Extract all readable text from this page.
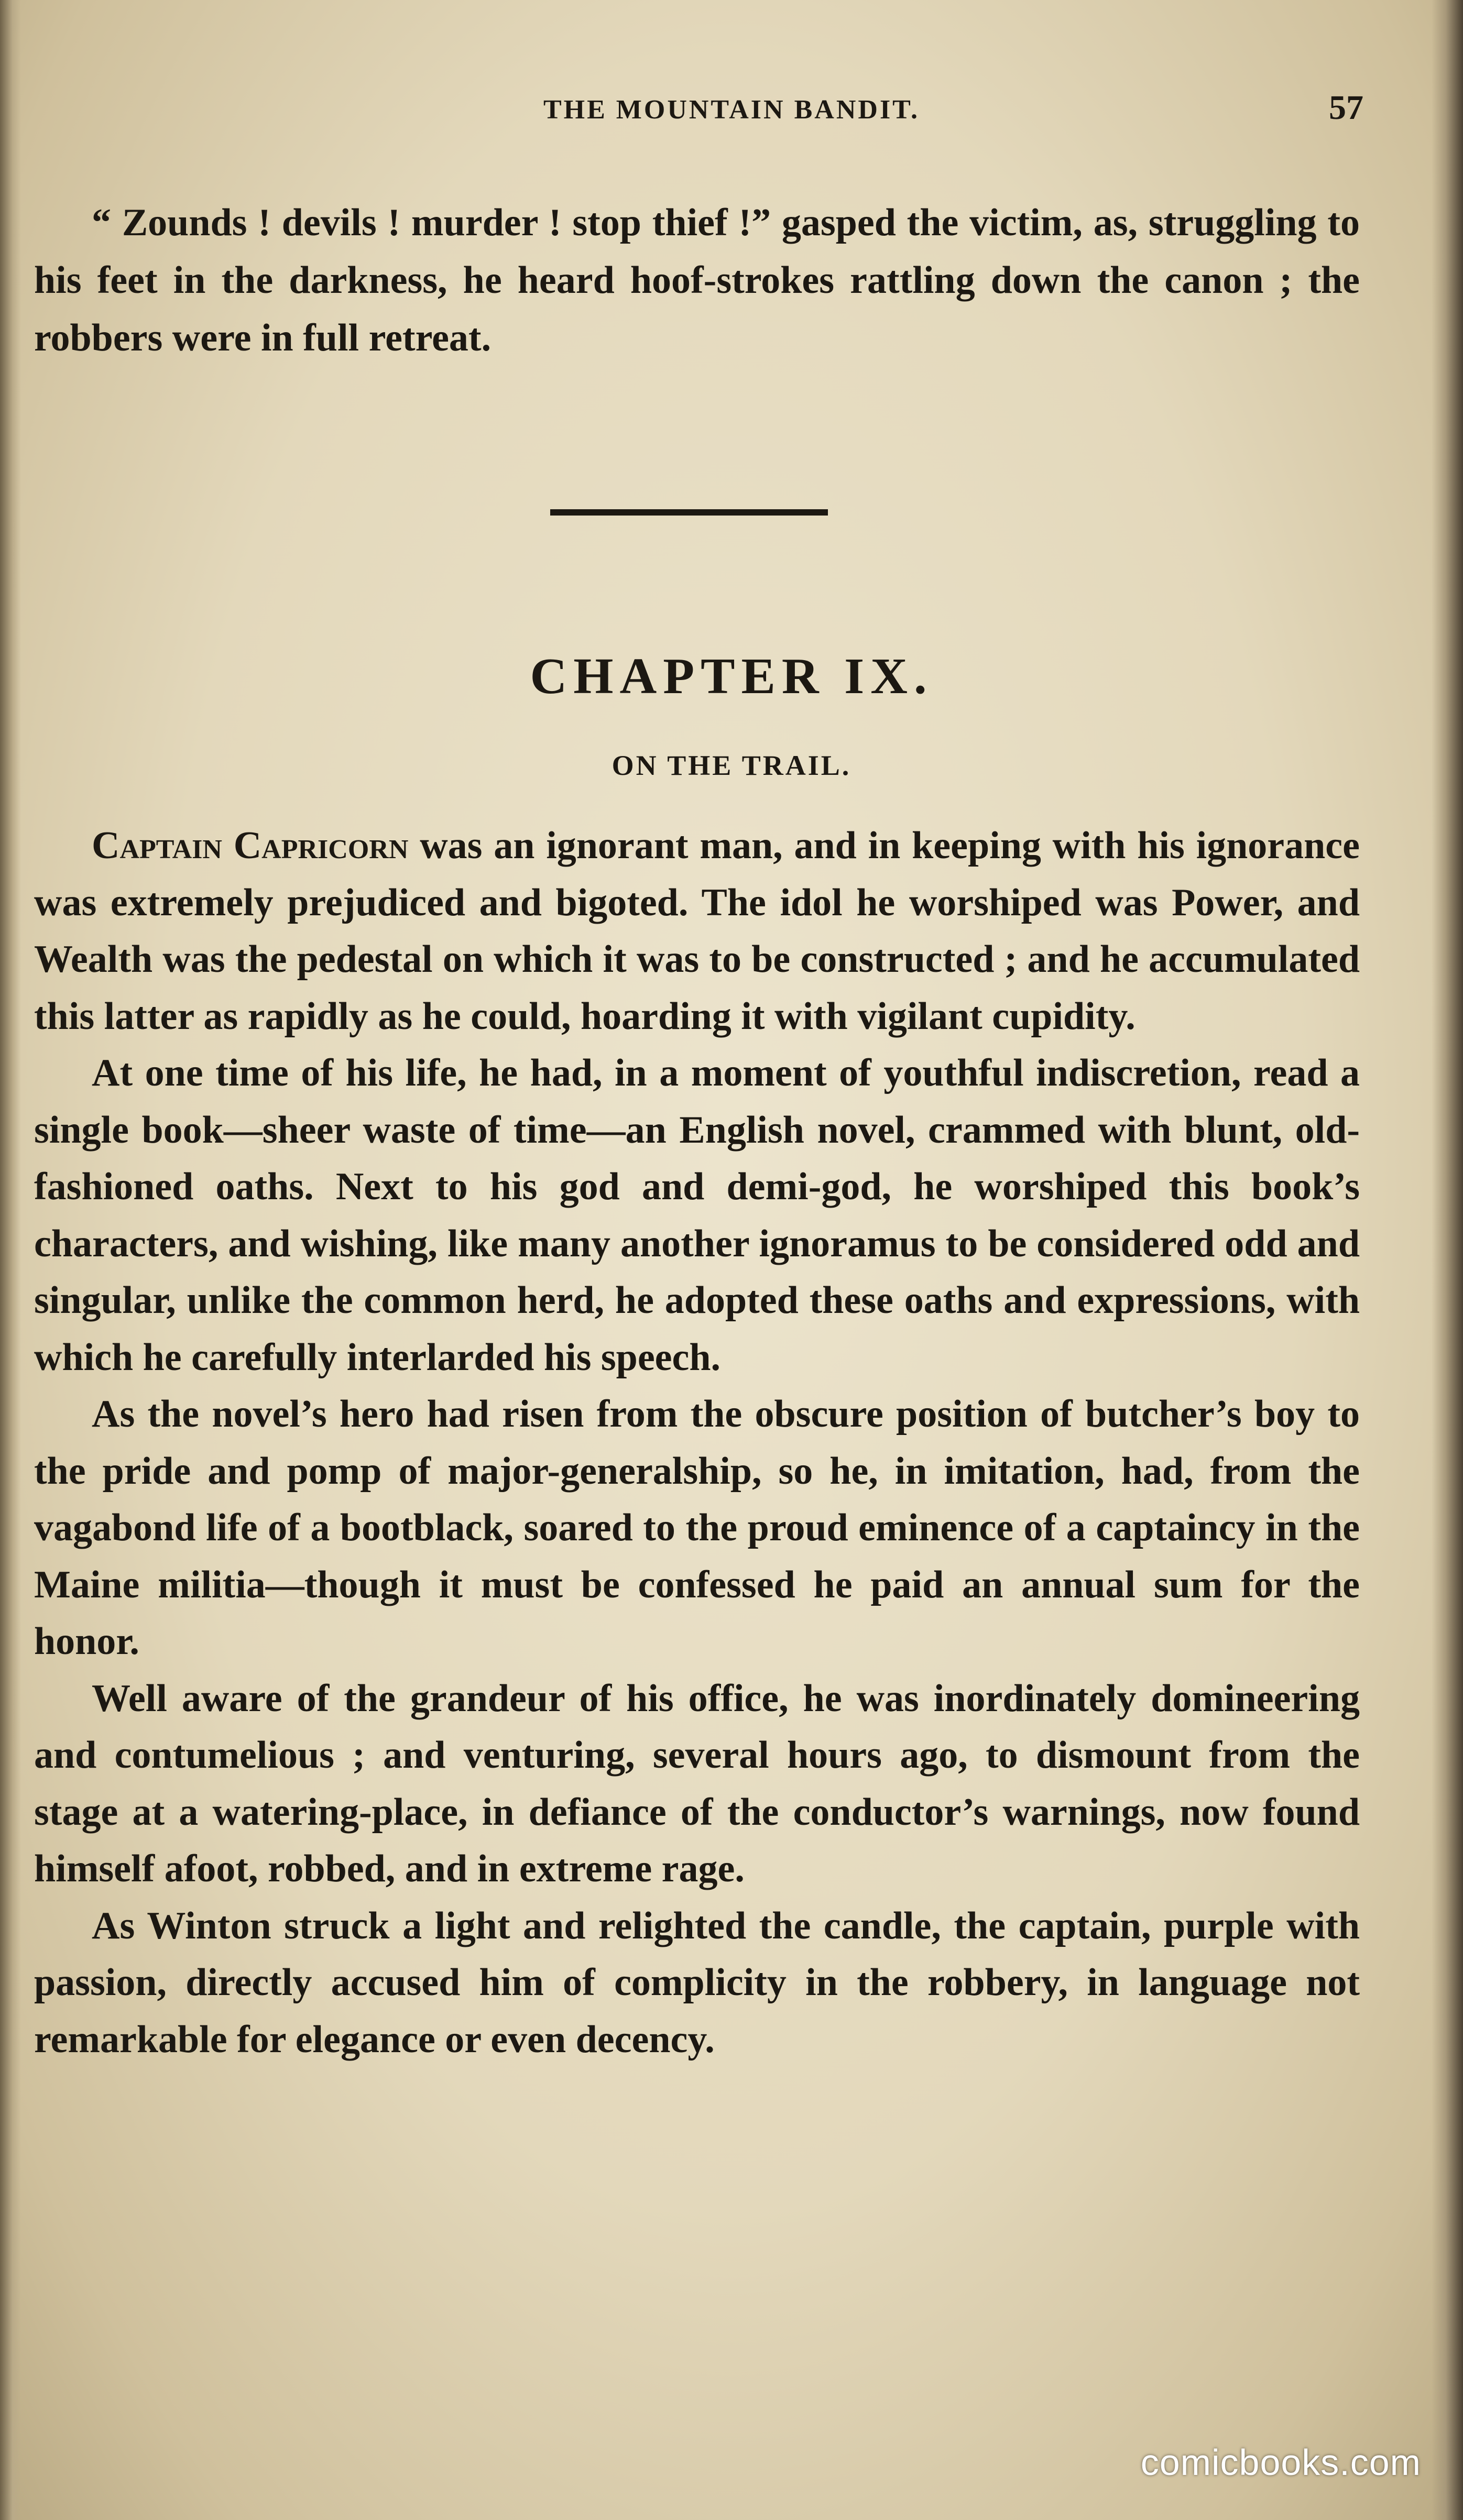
THE MOUNTAIN BANDIT.	57

“ Zounds ! devils ! murder ! stop thief !” gasped the victim, as, struggling to his feet in the darkness, he heard hoof-strokes rattling down the canon ; the robbers were in full retreat.

CHAPTER IX.
ON THE TRAIL.

Captain Capricorn was an ignorant man, and in keeping with his ignorance was extremely prejudiced and bigoted. The idol he worshiped was Power, and Wealth was the pedestal on which it was to be constructed ; and he accumulated this latter as rapidly as he could, hoarding it with vigilant cupidity.

At one time of his life, he had, in a moment of youthful indiscretion, read a single book—sheer waste of time—an English novel, crammed with blunt, old-fashioned oaths. Next to his god and demi-god, he worshiped this book’s characters, and wishing, like many another ignoramus to be considered odd and singular, unlike the common herd, he adopted these oaths and expressions, with which he carefully interlarded his speech.

As the novel’s hero had risen from the obscure position of butcher’s boy to the pride and pomp of major-generalship, so he, in imitation, had, from the vagabond life of a bootblack, soared to the proud eminence of a captaincy in the Maine militia—though it must be confessed he paid an annual sum for the honor.

Well aware of the grandeur of his office, he was inordinately domineering and contumelious ; and venturing, several hours ago, to dismount from the stage at a watering-place, in defiance of the conductor’s warnings, now found himself afoot, robbed, and in extreme rage.

As Winton struck a light and relighted the candle, the captain, purple with passion, directly accused him of complicity in the robbery, in language not remarkable for elegance or even decency.

comicbooks.com
